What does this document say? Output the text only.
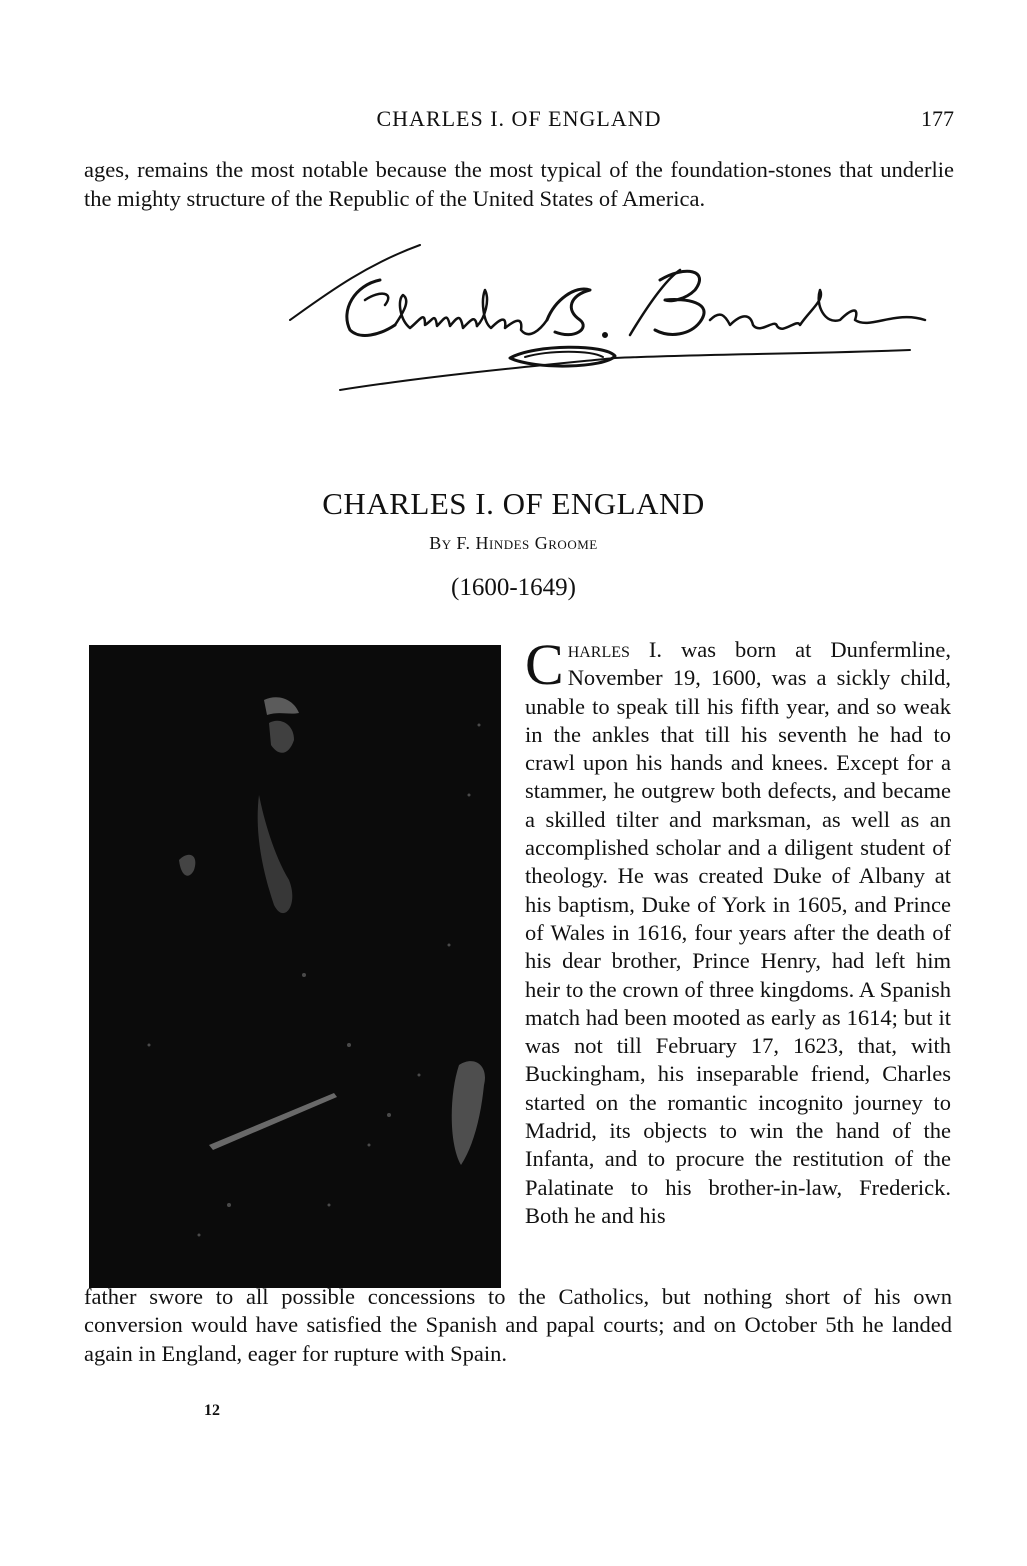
CHARLES I. OF ENGLAND	177

ages, remains the most notable because the most typical of the foundation-stones that underlie the mighty structure of the Republic of the United States of America.

CHARLES I. OF ENGLAND
By F. Hindes Groome
(1600-1649)

Charles I. was born at Dunfermline, November 19, 1600, was a sickly child, unable to speak till his fifth year, and so weak in the ankles that till his seventh he had to crawl upon his hands and knees. Except for a stammer, he outgrew both defects, and became a skilled tilter and marksman, as well as an accomplished scholar and a diligent student of theology. He was created Duke of Albany at his baptism, Duke of York in 1605, and Prince of Wales in 1616, four years after the death of his dear brother, Prince Henry, had left him heir to the crown of three kingdoms. A Spanish match had been mooted as early as 1614; but it was not till February 17, 1623, that, with Buckingham, his inseparable friend, Charles started on the romantic incognito journey to Madrid, its objects to win the hand of the Infanta, and to procure the restitution of the Palatinate to his brother-in-law, Frederick. Both he and his

father swore to all possible concessions to the Catholics, but nothing short of his own conversion would have satisfied the Spanish and papal courts; and on October 5th he landed again in England, eager for rupture with Spain.

12
